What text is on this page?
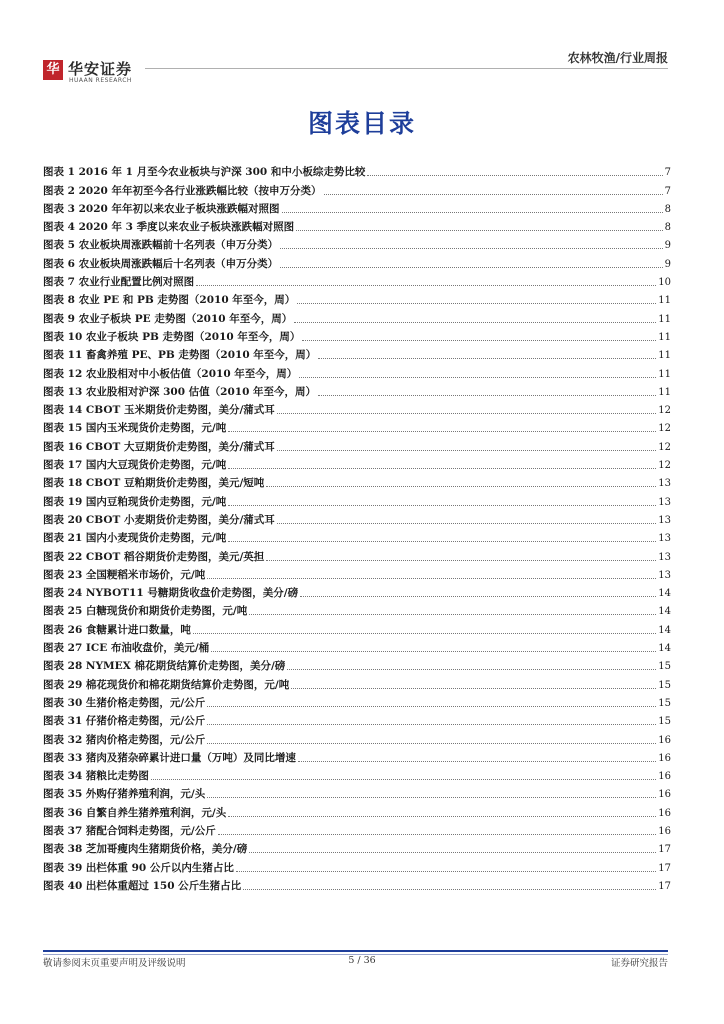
华 华安证券
HUAAN RESEARCH
农林牧渔/行业周报
图表目录
图表 1 2016 年 1 月至今农业板块与沪深 300 和中小板综走势比较	7
图表 2 2020 年年初至今各行业涨跌幅比较（按申万分类）	7
图表 3 2020 年年初以来农业子板块涨跌幅对照图	8
图表 4 2020 年 3 季度以来农业子板块涨跌幅对照图	8
图表 5 农业板块周涨跌幅前十名列表（申万分类）	9
图表 6 农业板块周涨跌幅后十名列表（申万分类）	9
图表 7 农业行业配置比例对照图	10
图表 8 农业 PE 和 PB 走势图（2010 年至今，周）	11
图表 9 农业子板块 PE 走势图（2010 年至今，周）	11
图表 10 农业子板块 PB 走势图（2010 年至今，周）	11
图表 11 畜禽养殖 PE、PB 走势图（2010 年至今，周）	11
图表 12 农业股相对中小板估值（2010 年至今，周）	11
图表 13 农业股相对沪深 300 估值（2010 年至今，周）	11
图表 14 CBOT 玉米期货价走势图，美分/蒲式耳	12
图表 15 国内玉米现货价走势图，元/吨	12
图表 16 CBOT 大豆期货价走势图，美分/蒲式耳	12
图表 17 国内大豆现货价走势图，元/吨	12
图表 18 CBOT 豆粕期货价走势图，美元/短吨	13
图表 19 国内豆粕现货价走势图，元/吨	13
图表 20 CBOT 小麦期货价走势图，美分/蒲式耳	13
图表 21 国内小麦现货价走势图，元/吨	13
图表 22 CBOT 稻谷期货价走势图，美元/英担	13
图表 23 全国粳稻米市场价，元/吨	13
图表 24 NYBOT11 号糖期货收盘价走势图，美分/磅	14
图表 25 白糖现货价和期货价走势图，元/吨	14
图表 26 食糖累计进口数量，吨	14
图表 27 ICE 布油收盘价，美元/桶	14
图表 28 NYMEX 棉花期货结算价走势图，美分/磅	15
图表 29 棉花现货价和棉花期货结算价走势图，元/吨	15
图表 30 生猪价格走势图，元/公斤	15
图表 31 仔猪价格走势图，元/公斤	15
图表 32 猪肉价格走势图，元/公斤	16
图表 33 猪肉及猪杂碎累计进口量（万吨）及同比增速	16
图表 34 猪粮比走势图	16
图表 35 外购仔猪养殖利润，元/头	16
图表 36 自繁自养生猪养殖利润，元/头	16
图表 37 猪配合饲料走势图，元/公斤	16
图表 38 芝加哥瘦肉生猪期货价格，美分/磅	17
图表 39 出栏体重 90 公斤以内生猪占比	17
图表 40 出栏体重超过 150 公斤生猪占比	17
敬请参阅末页重要声明及评级说明	5 / 36	证券研究报告
